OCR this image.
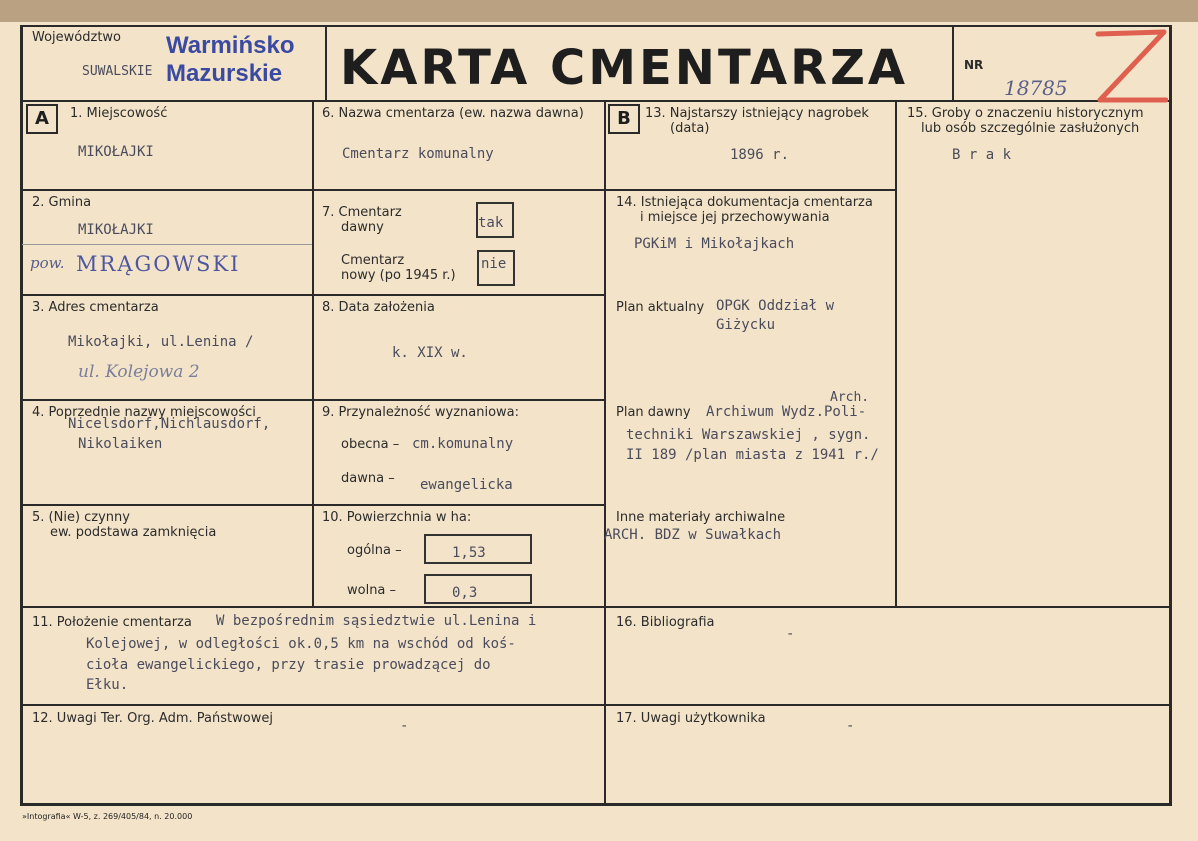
Województwo
SUWALSKIE
Warmińsko
Mazurskie KARTA CMENTARZA	NR
18785
A	B
1. Miejscowość
MIKOŁAJKI
2. Gmina
MIKOŁAJKI
pow. MRĄGOWSKI
3. Adres cmentarza
Mikołajki, ul.Lenina /
ul. Kolejowa 2
4. Poprzednie nazwy miejscowości
Nicelsdorf,Nichlausdorf,
Nikolaiken
5. (Nie) czynny
ew. podstawa zamknięcia
6. Nazwa cmentarza (ew. nazwa dawna)
Cmentarz komunalny
7. Cmentarz
dawny	tak
Cmentarz
nowy (po 1945 r.)
nie
8. Data założenia
k. XIX w.
9. Przynależność wyznaniowa:
obecna – cm.komunalny
dawna – ewangelicka
10. Powierzchnia w ha:
ogólna –	1,53
wolna –	0,3
13. Najstarszy istniejący nagrobek
(data)
1896 r.
14. Istniejąca dokumentacja cmentarza
i miejsce jej przechowywania
PGKiM i Mikołajkach
Plan aktualny OPGK Oddział w
Giżycku
Plan dawny
Arch.
Archiwum Wydz.Poli-
techniki Warszawskiej , sygn.
II 189 /plan miasta z 1941 r./
Inne materiały archiwalne
ARCH. BDZ w Suwałkach
15. Groby o znaczeniu historycznym
lub osób szczególnie zasłużonych
B r a k
11. Położenie cmentarza W bezpośrednim sąsiedztwie ul.Lenina i
Kolejowej, w odległości ok.0,5 km na wschód od koś-
cioła ewangelickiego, przy trasie prowadzącej do
Ełku.
16. Bibliografia
-
12. Uwagi Ter. Org. Adm. Państwowej	-	17. Uwagi użytkownika	-
»Intografia« W-5, z. 269/405/84, n. 20.000
